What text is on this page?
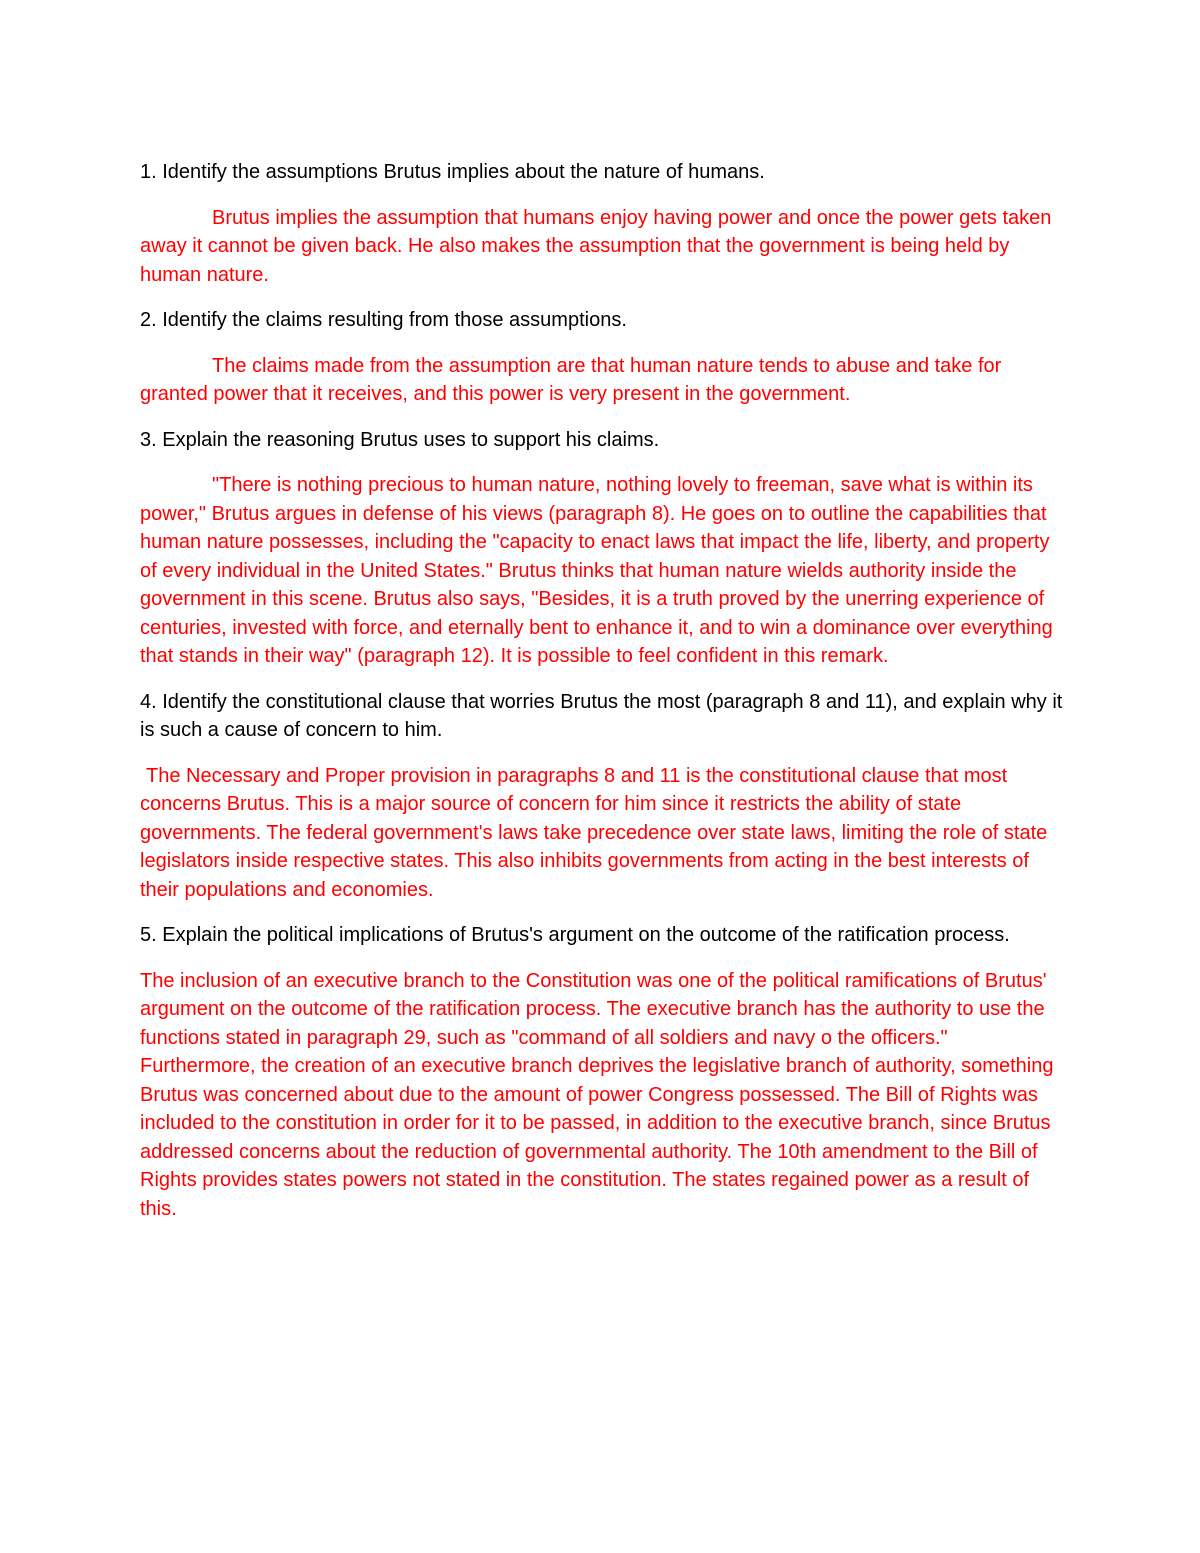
1. Identify the assumptions Brutus implies about the nature of humans.

Brutus implies the assumption that humans enjoy having power and once the power gets taken away it cannot be given back. He also makes the assumption that the government is being held by human nature.

2. Identify the claims resulting from those assumptions.

The claims made from the assumption are that human nature tends to abuse and take for granted power that it receives, and this power is very present in the government.

3. Explain the reasoning Brutus uses to support his claims.

"There is nothing precious to human nature, nothing lovely to freeman, save what is within its power," Brutus argues in defense of his views (paragraph 8). He goes on to outline the capabilities that human nature possesses, including the "capacity to enact laws that impact the life, liberty, and property of every individual in the United States." Brutus thinks that human nature wields authority inside the government in this scene. Brutus also says, "Besides, it is a truth proved by the unerring experience of centuries, invested with force, and eternally bent to enhance it, and to win a dominance over everything that stands in their way" (paragraph 12). It is possible to feel confident in this remark.

4. Identify the constitutional clause that worries Brutus the most (paragraph 8 and 11), and explain why it is such a cause of concern to him.

The Necessary and Proper provision in paragraphs 8 and 11 is the constitutional clause that most concerns Brutus. This is a major source of concern for him since it restricts the ability of state governments. The federal government's laws take precedence over state laws, limiting the role of state legislators inside respective states. This also inhibits governments from acting in the best interests of their populations and economies.

5. Explain the political implications of Brutus's argument on the outcome of the ratification process.

The inclusion of an executive branch to the Constitution was one of the political ramifications of Brutus' argument on the outcome of the ratification process. The executive branch has the authority to use the functions stated in paragraph 29, such as "command of all soldiers and navy o the officers." Furthermore, the creation of an executive branch deprives the legislative branch of authority, something Brutus was concerned about due to the amount of power Congress possessed. The Bill of Rights was included to the constitution in order for it to be passed, in addition to the executive branch, since Brutus addressed concerns about the reduction of governmental authority. The 10th amendment to the Bill of Rights provides states powers not stated in the constitution. The states regained power as a result of this.
